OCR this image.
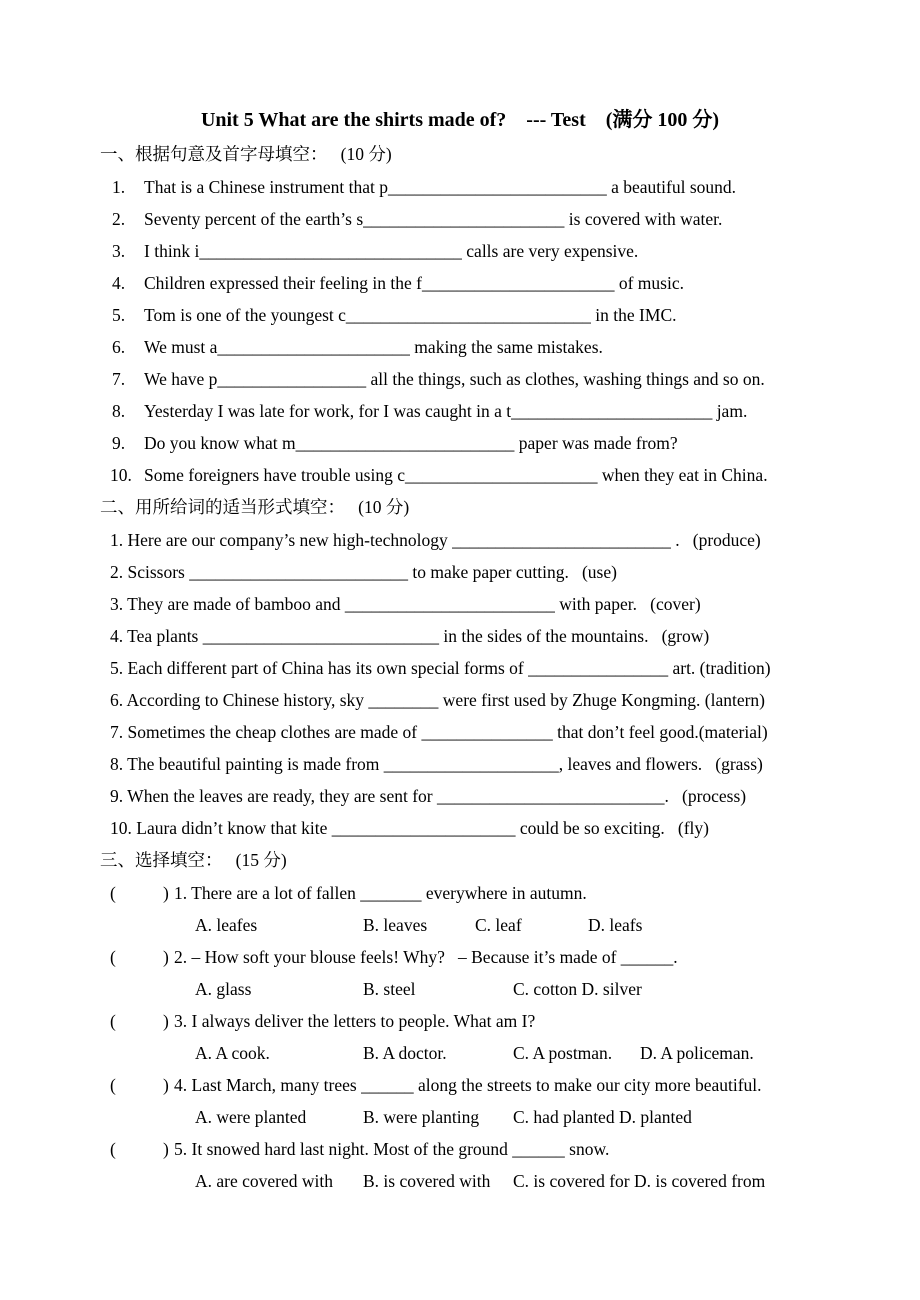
Unit 5 What are the shirts made of?    --- Test    (满分 100 分)
一、根据句意及首字母填空：   (10 分)
1. That is a Chinese instrument that p_________________________ a beautiful sound.
2. Seventy percent of the earth’s s_______________________ is covered with water.
3. I think i______________________________ calls are very expensive.
4. Children expressed their feeling in the f______________________ of music.
5. Tom is one of the youngest c____________________________ in the IMC.
6. We must a______________________ making the same mistakes.
7. We have p_________________ all the things, such as clothes, washing things and so on.
8. Yesterday I was late for work, for I was caught in a t_______________________ jam.
9. Do you know what m_________________________ paper was made from?
10. Some foreigners have trouble using c______________________ when they eat in China.
二、用所给词的适当形式填空：   (10 分)
1. Here are our company’s new high-technology _________________________ .   (produce)
2. Scissors _________________________ to make paper cutting.   (use)
3. They are made of bamboo and ________________________ with paper.   (cover)
4. Tea plants ___________________________ in the sides of the mountains.   (grow)
5. Each different part of China has its own special forms of ________________ art. (tradition)
6. According to Chinese history, sky ________ were first used by Zhuge Kongming. (lantern)
7. Sometimes the cheap clothes are made of _______________ that don’t feel good.(material)
8. The beautiful painting is made from ____________________, leaves and flowers.   (grass)
9. When the leaves are ready, they are sent for __________________________.   (process)
10. Laura didn’t know that kite _____________________ could be so exciting.   (fly)
三、选择填空：   (15 分)
(	) 1. There are a lot of fallen _______ everywhere in autumn.
A. leafes	B. leaves	C. leaf	D. leafs
(	) 2. – How soft your blouse feels! Why?   – Because it’s made of ______.
A. glass	B. steel	C. cotton D. silver
(	) 3. I always deliver the letters to people. What am I?
A. A cook.	B. A doctor.	C. A postman. D. A policeman.
(	) 4. Last March, many trees ______ along the streets to make our city more beautiful.
A. were planted	B. were planting C. had planted D. planted
(	) 5. It snowed hard last night. Most of the ground ______ snow.
A. are covered with B. is covered with C. is covered for D. is covered from
